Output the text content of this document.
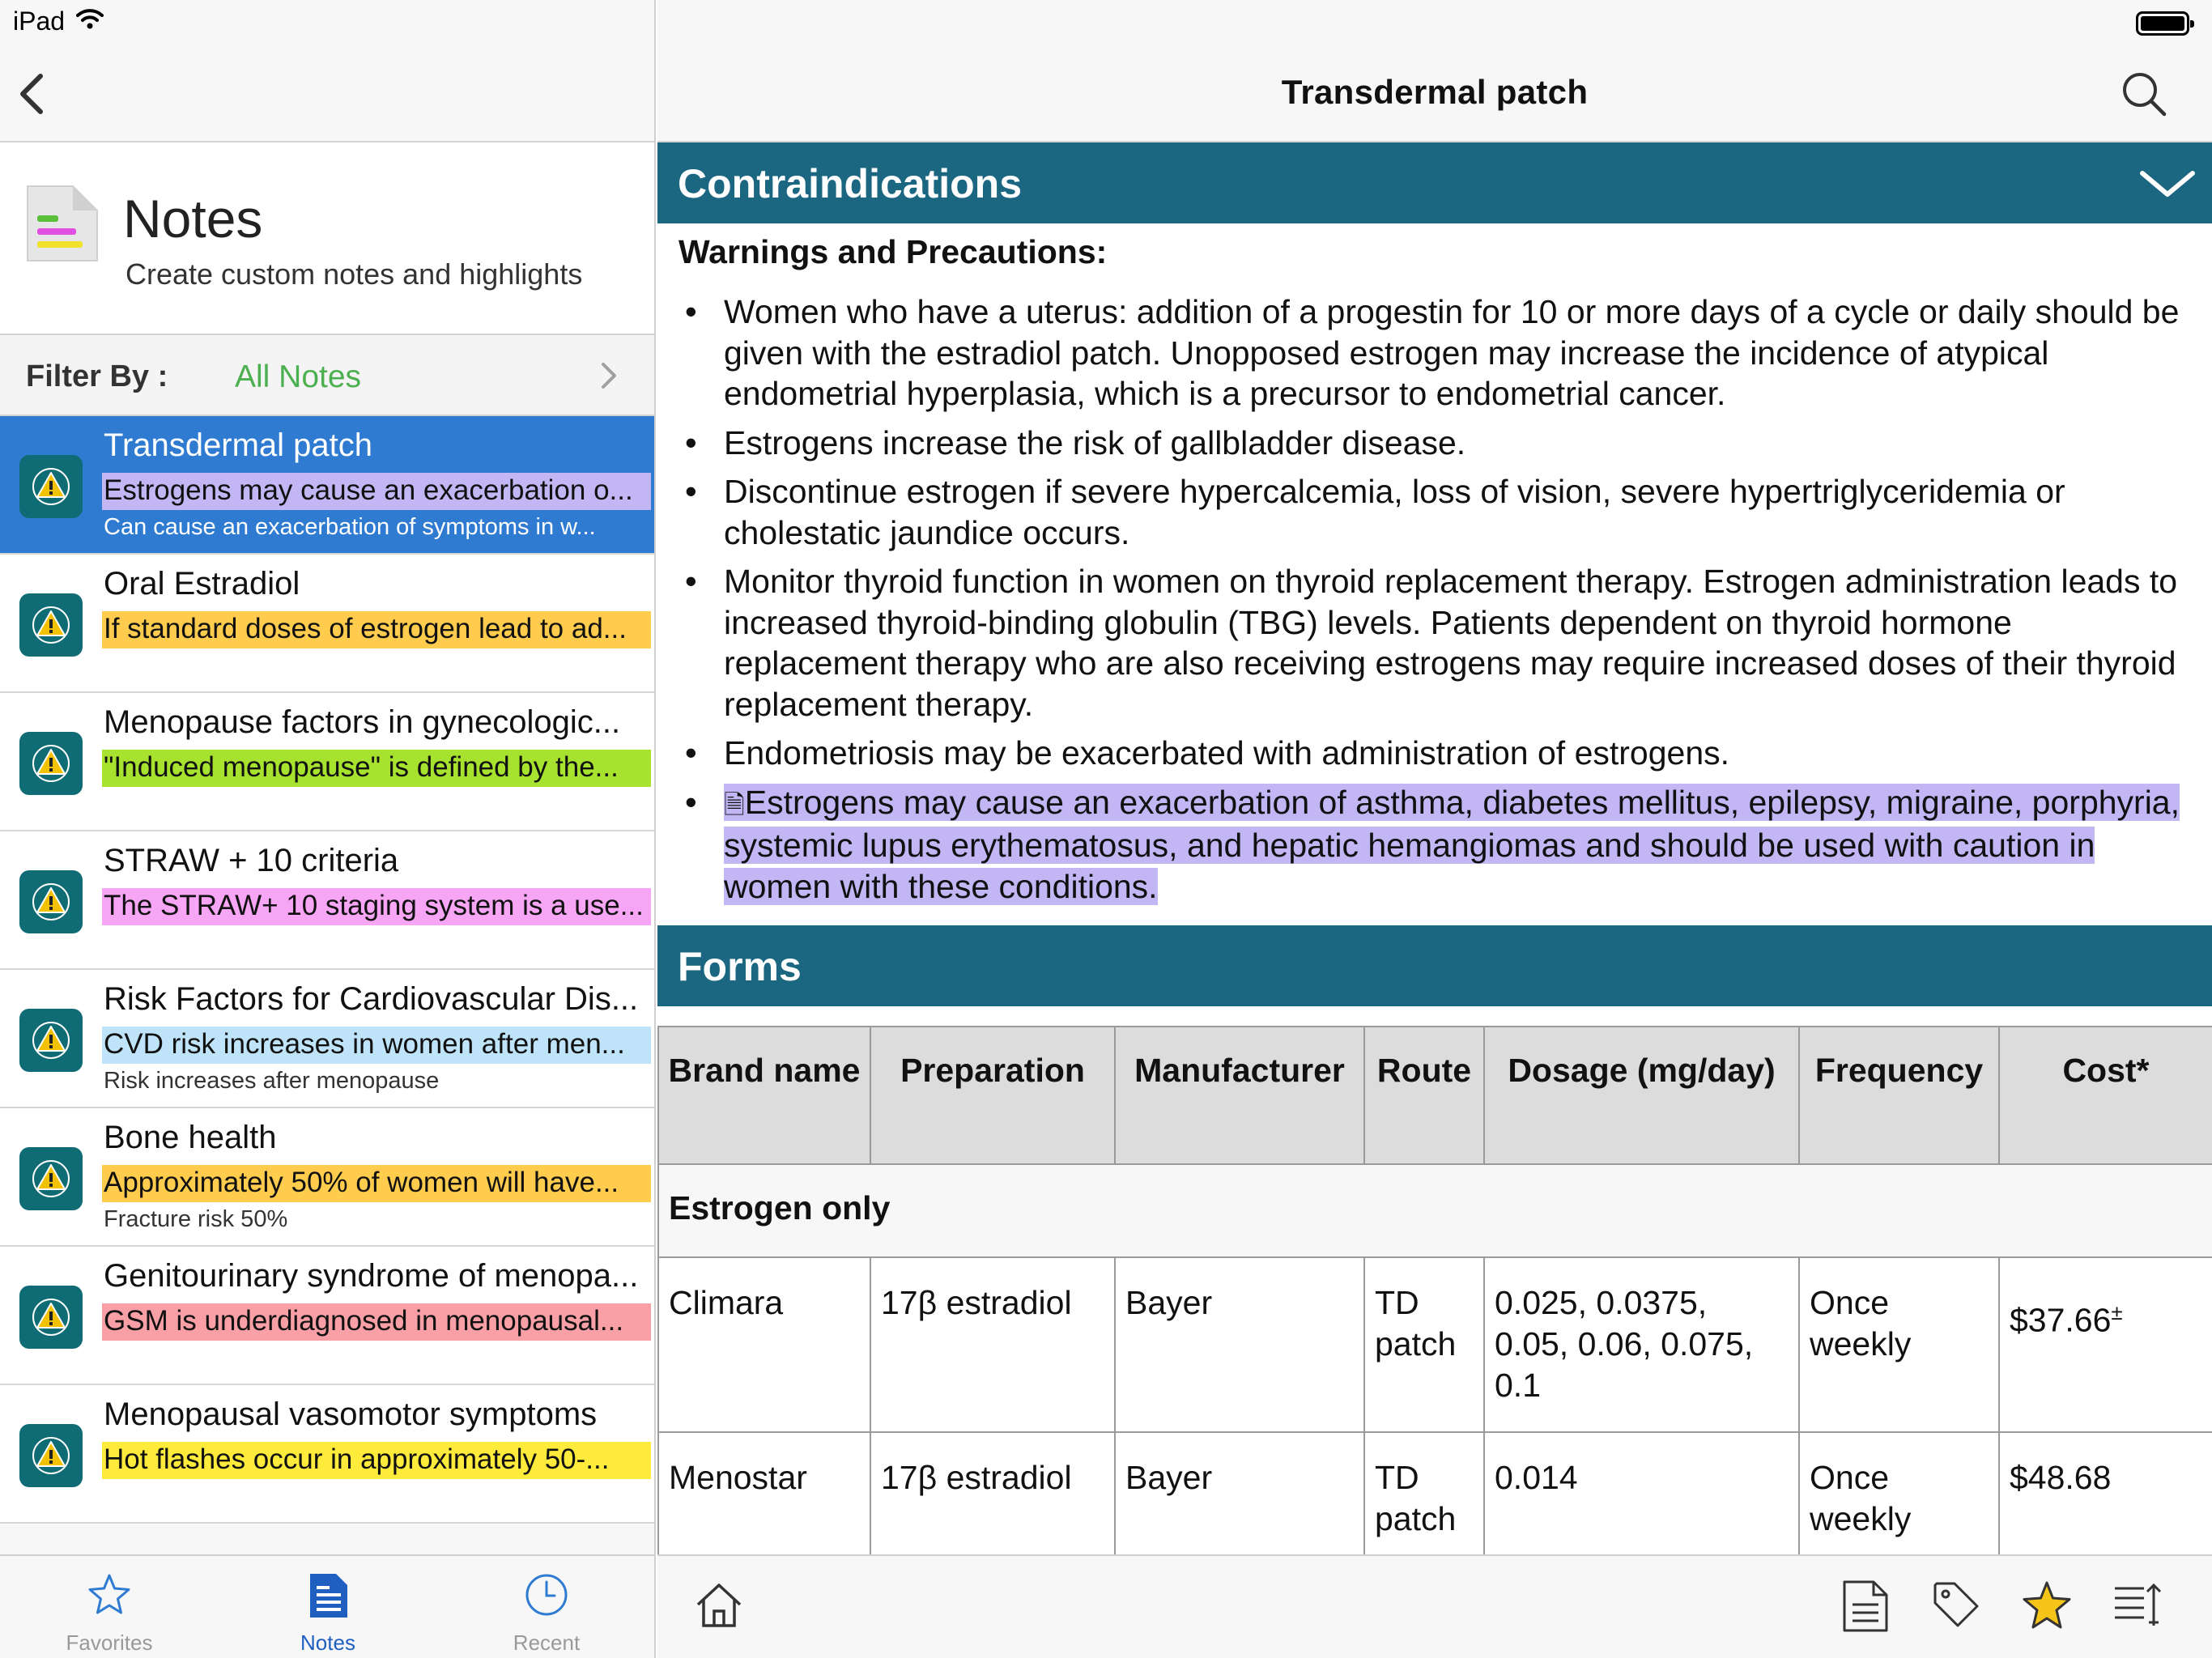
iPad
Notes
Create custom notes and highlights
Filter By : All Notes
Transdermal patch
Estrogens may cause an exacerbation o...
Can cause an exacerbation of symptoms in w...
Oral Estradiol
If standard doses of estrogen lead to ad...
Menopause factors in gynecologic...
"Induced menopause" is defined by the...
STRAW + 10 criteria
The STRAW+ 10 staging system is a use...
Risk Factors for Cardiovascular Dis...
CVD risk increases in women after men...
Risk increases after menopause
Bone health
Approximately 50% of women will have...
Fracture risk 50%
Genitourinary syndrome of menopa...
GSM is underdiagnosed in menopausal...
Menopausal vasomotor symptoms
Hot flashes occur in approximately 50-...
Favorites	Notes	Recent
Transdermal patch
Contraindications
Warnings and Precautions:
• Women who have a uterus: addition of a progestin for 10 or more days of a cycle or daily should be given with the estradiol patch. Unopposed estrogen may increase the incidence of atypical endometrial hyperplasia, which is a precursor to endometrial cancer.
• Estrogens increase the risk of gallbladder disease.
• Discontinue estrogen if severe hypercalcemia, loss of vision, severe hypertriglyceridemia or cholestatic jaundice occurs.
• Monitor thyroid function in women on thyroid replacement therapy. Estrogen administration leads to increased thyroid-binding globulin (TBG) levels. Patients dependent on thyroid hormone replacement therapy who are also receiving estrogens may require increased doses of their thyroid replacement therapy.
• Endometriosis may be exacerbated with administration of estrogens.
• 🗎Estrogens may cause an exacerbation of asthma, diabetes mellitus, epilepsy, migraine, porphyria, systemic lupus erythematosus, and hepatic hemangiomas and should be used with caution in women with these conditions.
Forms
Brand name	Preparation	Manufacturer	Route	Dosage (mg/day)	Frequency	Cost*
Estrogen only						
Climara	17β estradiol	Bayer	TD patch	0.025, 0.0375, 0.05, 0.06, 0.075, 0.1	Once weekly	$37.66±
Menostar	17β estradiol	Bayer	TD patch	0.014	Once weekly	$48.68
